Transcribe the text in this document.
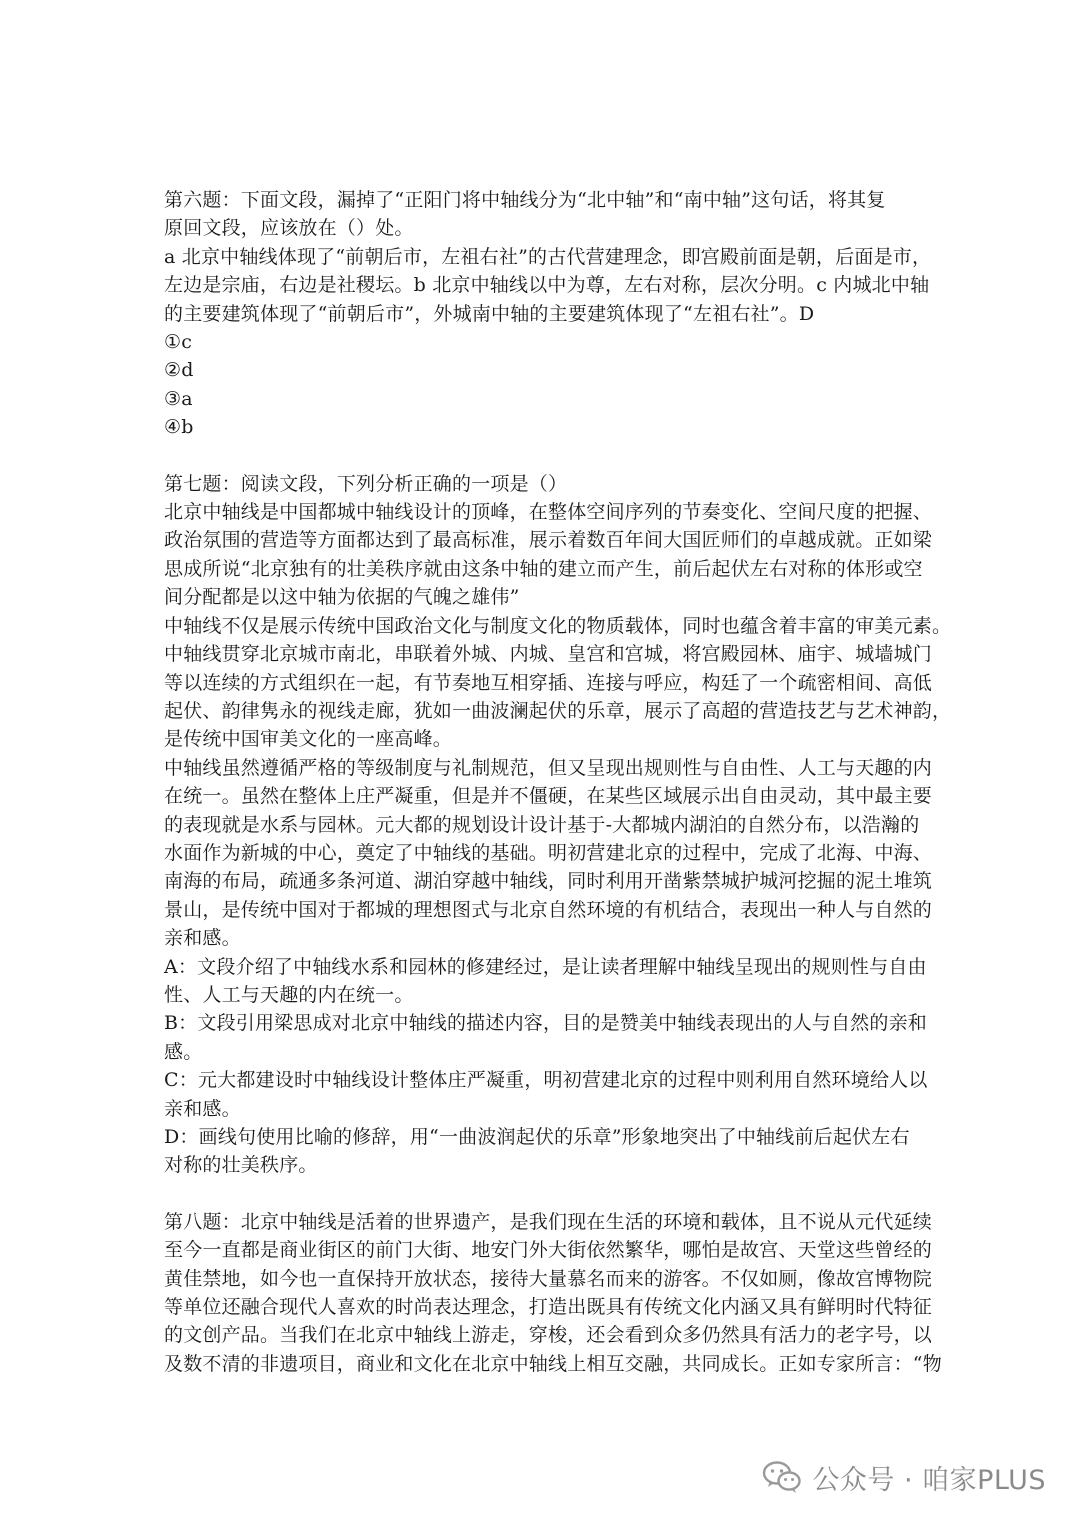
第六题：下面文段，漏掉了“正阳门将中轴线分为“北中轴”和“南中轴”这句话，将其复
原回文段，应该放在（）处。
a 北京中轴线体现了“前朝后市，左祖右社”的古代营建理念，即宫殿前面是朝，后面是市，
左边是宗庙，右边是社稷坛。b 北京中轴线以中为尊，左右对称，层次分明。c 内城北中轴
的主要建筑体现了“前朝后市”，外城南中轴的主要建筑体现了“左祖右社”。D
①c
②d
③a
④b
第七题：阅读文段，下列分析正确的一项是（）
北京中轴线是中国都城中轴线设计的顶峰，在整体空间序列的节奏变化、空间尺度的把握、
政治氛围的营造等方面都达到了最高标准，展示着数百年间大国匠师们的卓越成就。正如梁
思成所说“北京独有的壮美秩序就由这条中轴的建立而产生，前后起伏左右对称的体形或空
间分配都是以这中轴为依据的气魄之雄伟”
中轴线不仅是展示传统中国政治文化与制度文化的物质载体，同时也蕴含着丰富的审美元素。
中轴线贯穿北京城市南北，串联着外城、内城、皇宫和宫城，将宫殿园林、庙宇、城墙城门
等以连续的方式组织在一起，有节奏地互相穿插、连接与呼应，构廷了一个疏密相间、高低
起伏、韵律隽永的视线走廊，犹如一曲波澜起伏的乐章，展示了高超的营造技艺与艺术神韵，
是传统中国审美文化的一座高峰。
中轴线虽然遵循严格的等级制度与礼制规范，但又呈现出规则性与自由性、人工与天趣的内
在统一。虽然在整体上庄严凝重，但是并不僵硬，在某些区域展示出自由灵动，其中最主要
的表现就是水系与园林。元大都的规划设计设计基于-大都城内湖泊的自然分布，以浩瀚的
水面作为新城的中心，奠定了中轴线的基础。明初营建北京的过程中，完成了北海、中海、
南海的布局，疏通多条河道、湖泊穿越中轴线，同时利用开凿紫禁城护城河挖掘的泥土堆筑
景山，是传统中国对于都城的理想图式与北京自然环境的有机结合，表现出一种人与自然的
亲和感。
A：文段介绍了中轴线水系和园林的修建经过，是让读者理解中轴线呈现出的规则性与自由
性、人工与天趣的内在统一。
B：文段引用梁思成对北京中轴线的描述内容，目的是赞美中轴线表现出的人与自然的亲和
感。
C：元大都建设时中轴线设计整体庄严凝重，明初营建北京的过程中则利用自然环境给人以
亲和感。
D：画线句使用比喻的修辞，用“一曲波润起伏的乐章”形象地突出了中轴线前后起伏左右
对称的壮美秩序。
第八题：北京中轴线是活着的世界遗产，是我们现在生活的环境和载体，且不说从元代延续
至今一直都是商业街区的前门大街、地安门外大街依然繁华，哪怕是故宫、天堂这些曾经的
黄佳禁地，如今也一直保持开放状态，接待大量慕名而来的游客。不仅如厕，像故宫博物院
等单位还融合现代人喜欢的时尚表达理念，打造出既具有传统文化内涵又具有鲜明时代特征
的文创产品。当我们在北京中轴线上游走，穿梭，还会看到众多仍然具有活力的老字号，以
及数不清的非遗项目，商业和文化在北京中轴线上相互交融，共同成长。正如专家所言：“物
公众号 · 咱家PLUS
